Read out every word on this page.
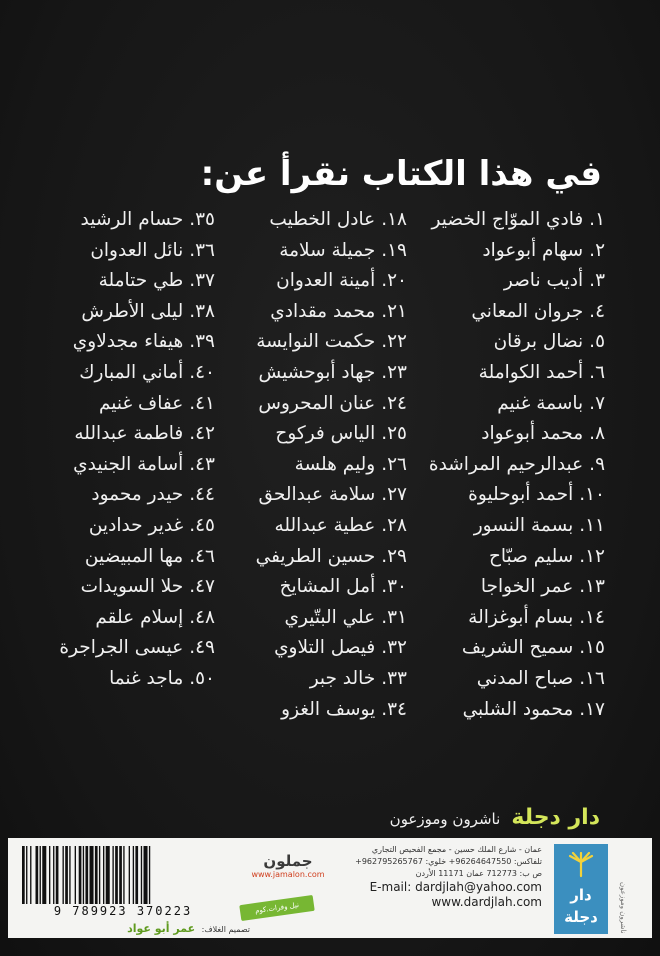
في هذا الكتاب نقرأ عن:
١.فادي الموّاج الخضير
٢.سهام أبوعواد
٣.أديب ناصر
٤.جروان المعاني
٥.نضال برقان
٦.أحمد الكواملة
٧.باسمة غنيم
٨.محمد أبوعواد
٩.عبدالرحيم المراشدة
١٠.أحمد أبوحليوة
١١.بسمة النسور
١٢.سليم صبّاح
١٣.عمر الخواجا
١٤.بسام أبوغزالة
١٥.سميح الشريف
١٦.صباح المدني
١٧.محمود الشلبي
١٨.عادل الخطيب
١٩.جميلة سلامة
٢٠.أمينة العدوان
٢١.محمد مقدادي
٢٢.حكمت النوايسة
٢٣.جهاد أبوحشيش
٢٤.عنان المحروس
٢٥.الياس فركوح
٢٦.وليم هلسة
٢٧.سلامة عبدالحق
٢٨.عطية عبدالله
٢٩.حسين الطريفي
٣٠.أمل المشايخ
٣١.علي البتّيري
٣٢.فيصل التلاوي
٣٣.خالد جبر
٣٤.يوسف الغزو
٣٥.حسام الرشيد
٣٦.نائل العدوان
٣٧.طي حتاملة
٣٨.ليلى الأطرش
٣٩.هيفاء مجدلاوي
٤٠.أماني المبارك
٤١.عفاف غنيم
٤٢.فاطمة عبدالله
٤٣.أسامة الجنيدي
٤٤.حيدر محمود
٤٥.غدير حدادين
٤٦.مها المبيضين
٤٧.حلا السويدات
٤٨.إسلام علقم
٤٩.عيسى الجراجرة
٥٠.ماجد غنما
دار دجلة ناشرون وموزعون
ناشرون وموزعون
دار دجلة
عمان - شارع الملك حسين - مجمع الفحيص التجاري
تلفاكس: 96264647550+ خلوي: 962795265767+
ص ب: 712773 عمان 11171 الأردن
E-mail: dardjlah@yahoo.com
www.dardjlah.com
جملون
www.jamalon.com
نيل وفرات.كوم
9 789923 370223
تصميم الغلاف: عمر أبو عواد
